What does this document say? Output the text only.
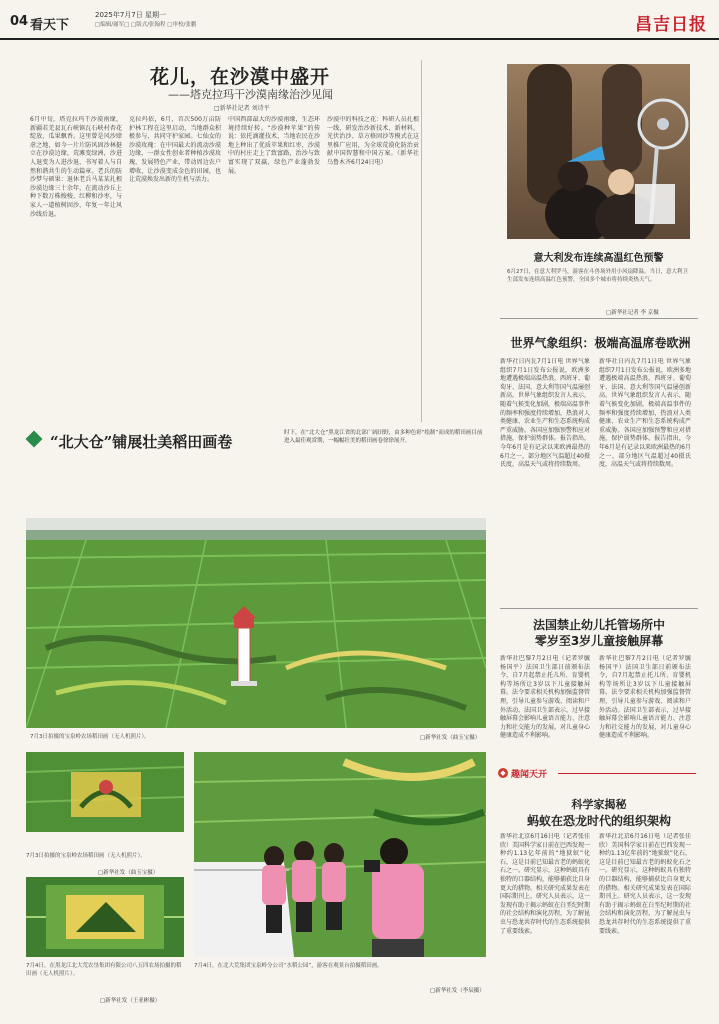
04 看天下
2025年7月7日 星期一
□编辑/谢军□ □版式/张翰程 □审校/张鹏	昌吉日报
花儿，在沙漠中盛开
——塔克拉玛干沙漠南缘治沙见闻
□新华社记者 刘诗平
6月中旬，塔克拉玛干沙漠南缘，新疆若羌县瓦石峡镇瓦石峡村杏花绽放、瓜果飘香。这里曾是风沙肆虐之地，如今一片片防风固沙林挺立在沙漠边缘，荒滩变绿洲，沙进人退变为人进沙退，书写着人与自然和谐共生的生动篇章。老兵的防沙梦与硕果：退休老兵马某某扎根沙漠边缘三十余年，在流动沙丘上种下数万株梭梭、红柳和沙枣，与家人一道植树固沙，年复一年让风沙线后退。
克拉玛依，6月，首次500万亩防护林工程在这里启动，当地群众积极参与，共同守护家园。七仙女的沙漠玫瑰：在中国最大的流动沙漠边缘，一群女性创业者种植沙漠玫瑰，发展特色产业，带动周边农户增收，让沙漠变成金色的田园，也让荒漠焕发出新的生机与活力。
中国西部最大的沙漠南缘，生态环境持续好转。“沙漠种苹果”的传说：依托滴灌技术，当地农民在沙地上种出了优质苹果和红枣，沙漠中的村庄走上了致富路，治沙与致富实现了双赢，绿色产业蓬勃发展。
沙漠中的科技之花：科研人员扎根一线，研发治沙新技术、新材料，光伏治沙、草方格固沙等模式在这里推广应用，为全球荒漠化防治贡献中国智慧和中国方案。（新华社乌鲁木齐6月24日电）
意大利发布连续高温红色预警
6月27日，在意大利罗马，游客在斗兽场外用小风扇降温。当日，意大利卫生部发布连续高温红色预警，全国多个城市将持续炎热天气。
□新华社记者 李 京摄
世界气象组织：极端高温席卷欧洲
新华社日内瓦7月1日电 世界气象组织7月1日发布公报说，欧洲多地遭遇极端高温热浪，西班牙、葡萄牙、法国、意大利等国气温屡创新高。世界气象组织发言人表示，随着气候变化加剧，极端高温事件的频率和强度持续增加，热浪对人类健康、农业生产和生态系统构成严重威胁。各国应加强预警和应对措施，保护弱势群体。报告指出，今年6月是有记录以来欧洲最热的6月之一，部分地区气温超过40摄氏度，高温天气或将持续数周。
新华社日内瓦7月1日电 世界气象组织7月1日发布公报说，欧洲多地遭遇极端高温热浪，西班牙、葡萄牙、法国、意大利等国气温屡创新高。世界气象组织发言人表示，随着气候变化加剧，极端高温事件的频率和强度持续增加，热浪对人类健康、农业生产和生态系统构成严重威胁。各国应加强预警和应对措施，保护弱势群体。报告指出，今年6月是有记录以来欧洲最热的6月之一，部分地区气温超过40摄氏度，高温天气或将持续数周。
法国禁止幼儿托管场所中
零岁至3岁儿童接触屏幕
新华社巴黎7月2日电（记者罗毓 杨国平）法国卫生部日前颁布法令，自7月起禁止托儿所、育婴机构等场所让3岁以下儿童接触屏幕。法令要求相关机构加强监督管理，引导儿童参与游戏、阅读和户外活动。法国卫生部表示，过早接触屏幕会影响儿童语言能力、注意力和社交能力的发展，对儿童身心健康造成不利影响。
新华社巴黎7月2日电（记者罗毓 杨国平）法国卫生部日前颁布法令，自7月起禁止托儿所、育婴机构等场所让3岁以下儿童接触屏幕。法令要求相关机构加强监督管理，引导儿童参与游戏、阅读和户外活动。法国卫生部表示，过早接触屏幕会影响儿童语言能力、注意力和社交能力的发展，对儿童身心健康造成不利影响。
◆ 趣闻天开
科学家揭秘
蚂蚁在恐龙时代的组织架构
新华社北京6月16日电（记者张佳欣）美国科学家日前在巴西发现一种约1.13亿年前的“地狱蚁”化石，这是目前已知最古老的蚂蚁化石之一。研究显示，这种蚂蚁具有独特的口器结构，能够捕获比自身更大的猎物。相关研究成果发表在国际期刊上。研究人员表示，这一发现有助于揭示蚂蚁在白垩纪时期的社会结构和演化历程，为了解昆虫与恐龙共存时代的生态系统提供了重要线索。
新华社北京6月16日电（记者张佳欣）美国科学家日前在巴西发现一种约1.13亿年前的“地狱蚁”化石，这是目前已知最古老的蚂蚁化石之一。研究显示，这种蚂蚁具有独特的口器结构，能够捕获比自身更大的猎物。相关研究成果发表在国际期刊上。研究人员表示，这一发现有助于揭示蚂蚁在白垩纪时期的社会结构和演化历程，为了解昆虫与恐龙共存时代的生态系统提供了重要线索。
“北大仓”铺展壮美稻田画卷	时下，在“北大仓”黑龙江省的北部广阔田野，由多种色彩“绘制”而成的稻田画目前进入最佳观赏期，一幅幅壮美的稻田画卷徐徐展开。
7月3日拍摄的宝泉岭农场稻田画（无人机照片）。	□新华社发（曲玉宝摄）
7月3日拍摄的宝泉岭农场稻田画（无人机照片）。
□新华社发（曲玉宝摄）
7月4日，在黑龙江北大荒农垦集团有限公司八五四农场拍摄的稻田画（无人机照片）。
□新华社发（王亚彬摄）
7月4日，在北大荒集团宝泉岭分公司“水稻公园”，游客在观景台拍摄稻田画。
□新华社发（李辰摄）
